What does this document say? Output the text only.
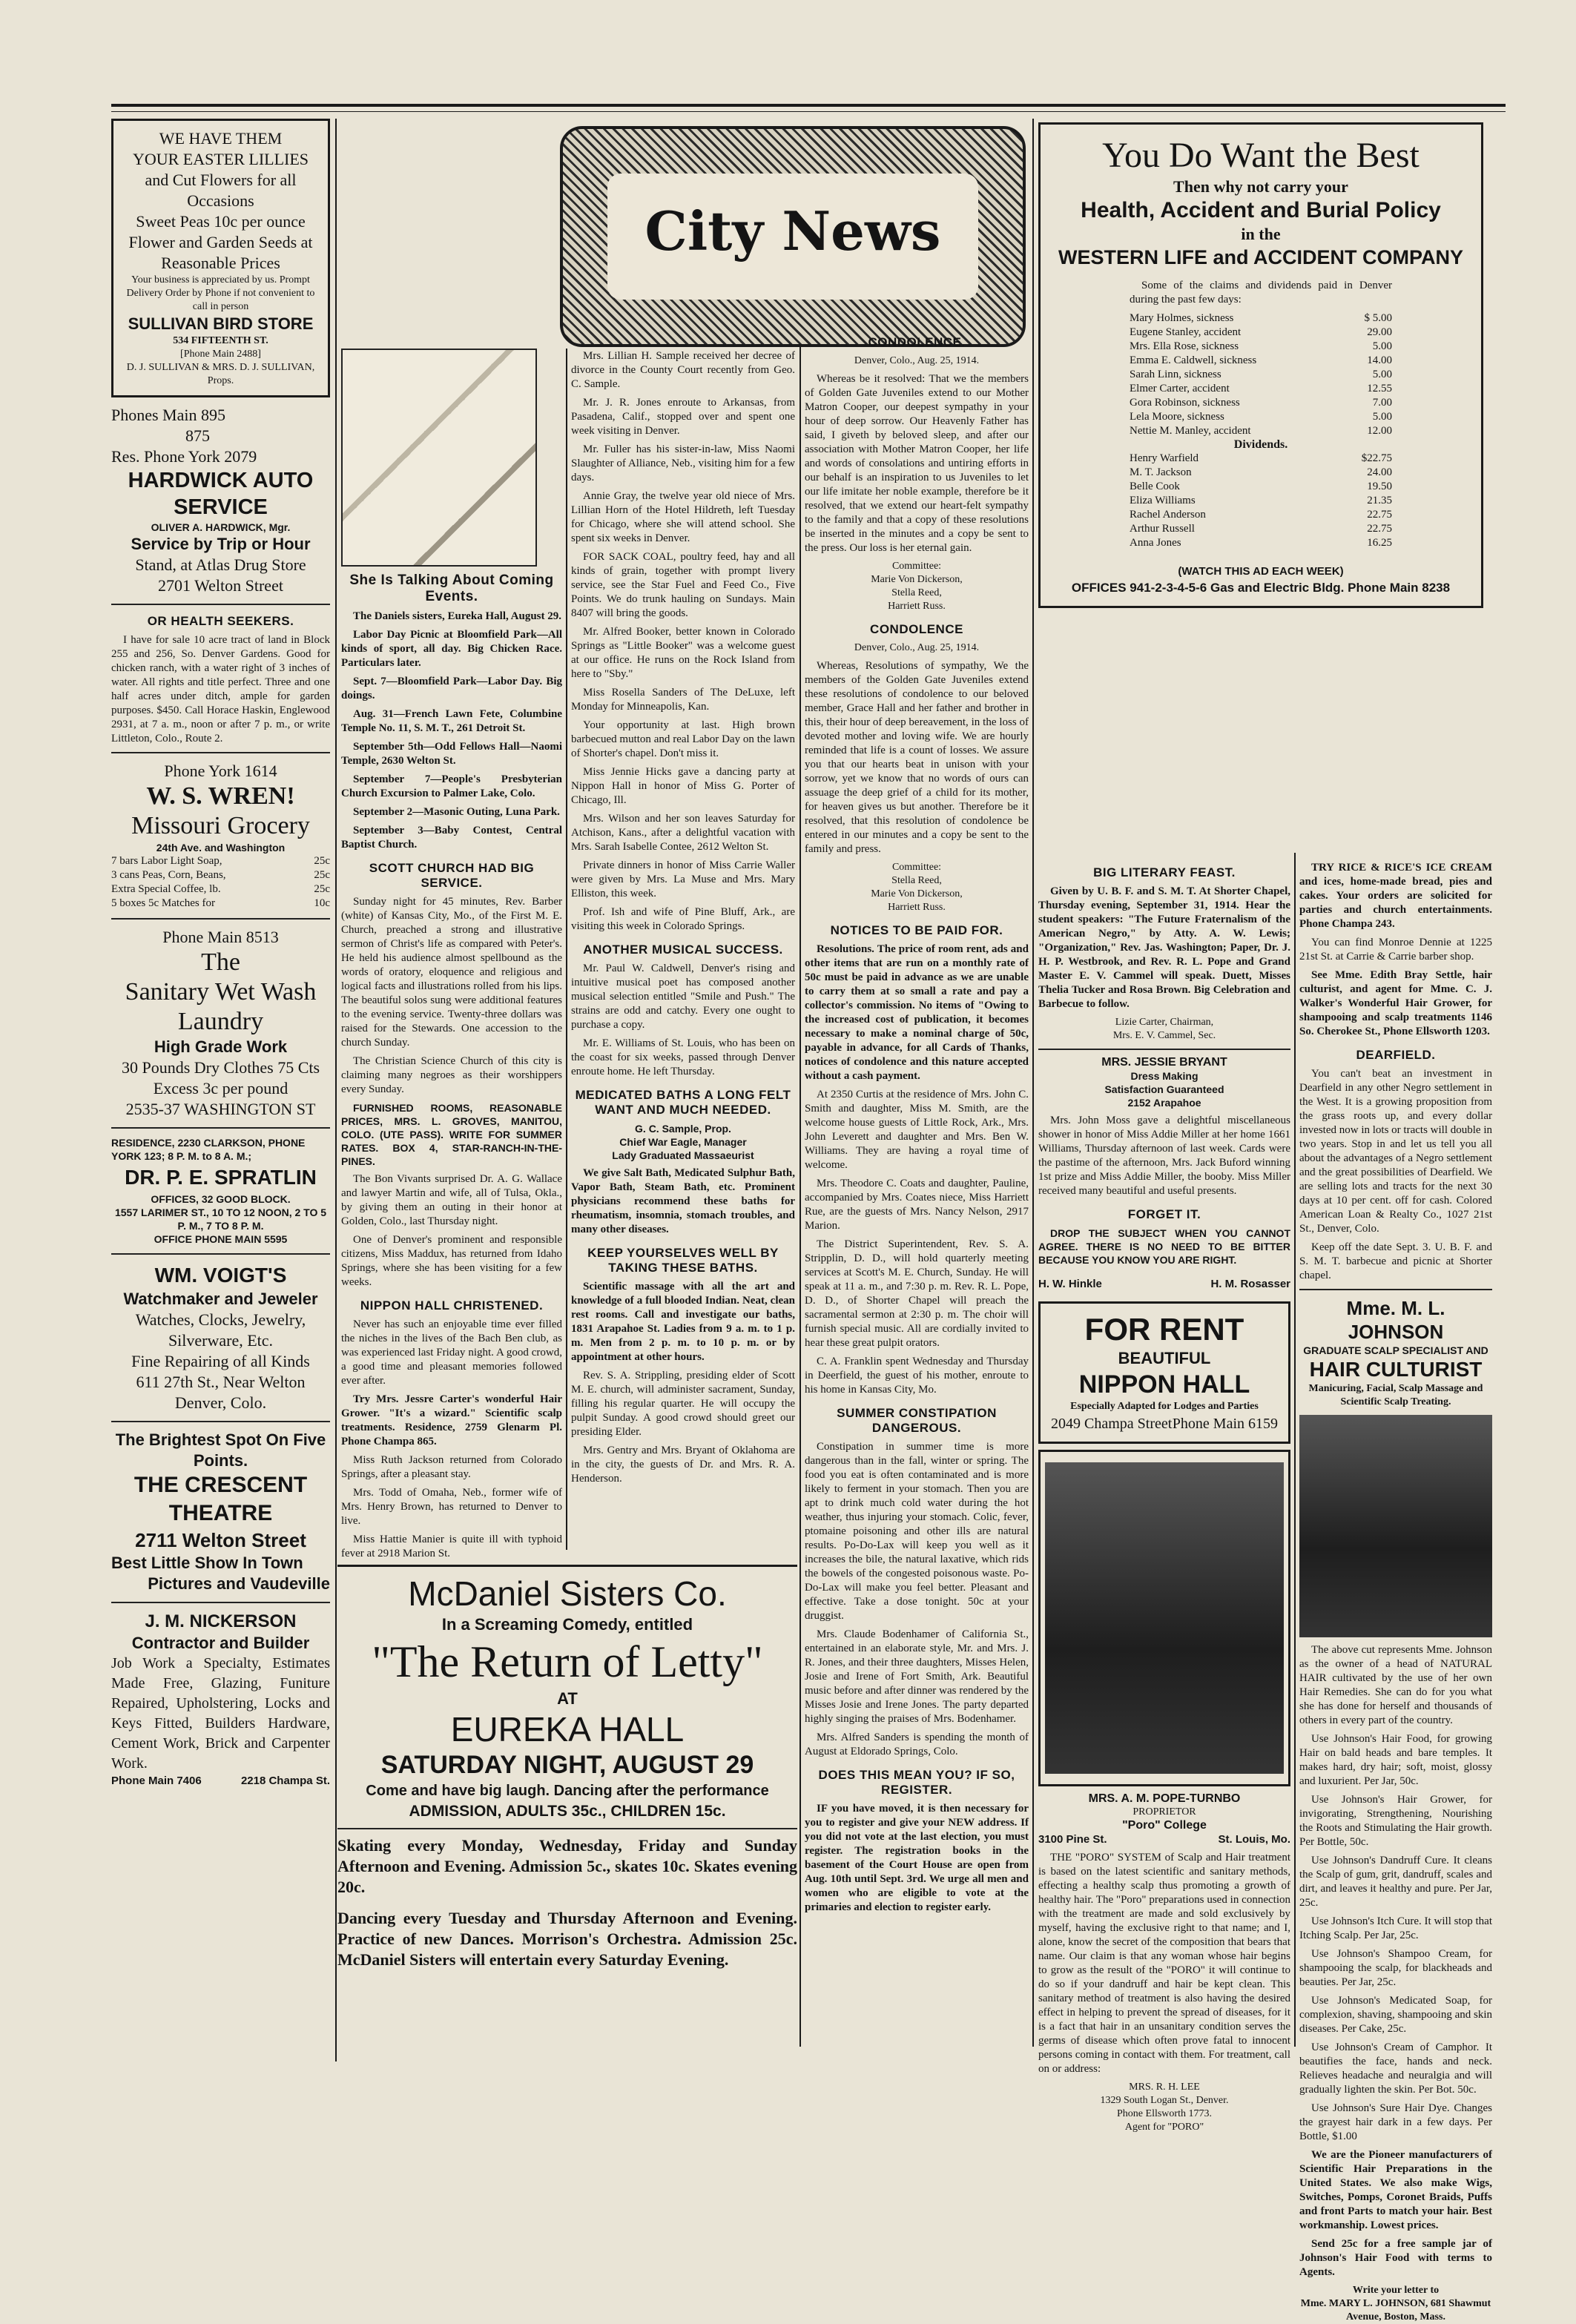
WE HAVE THEM
YOUR EASTER LILLIES
and Cut Flowers for all Occasions
Sweet Peas 10c per ounce
Flower and Garden Seeds at Reasonable Prices
Your business is appreciated by us. Prompt Delivery Order by Phone if not convenient to call in person
SULLIVAN BIRD STORE
534 FIFTEENTH ST.
[Phone Main 2488]
D. J. SULLIVAN & MRS. D. J. SULLIVAN, Props.
Phones Main 895
875
Res. Phone York 2079
HARDWICK AUTO SERVICE
OLIVER A. HARDWICK, Mgr.
Service by Trip or Hour
Stand, at Atlas Drug Store
2701 Welton Street
OR HEALTH SEEKERS.
I have for sale 10 acre tract of land in Block 255 and 256, So. Denver Gardens. Good for chicken ranch, with a water right of 3 inches of water. All rights and title perfect. Three and one half acres under ditch, ample for garden purposes. $450. Call Horace Haskin, Englewood 2931, at 7 a. m., noon or after 7 p. m., or write Littleton, Colo., Route 2.
Phone York 1614
W. S. WREN!
Missouri Grocery
24th Ave. and Washington
7 bars Labor Light Soap,	25c
3 cans Peas, Corn, Beans,	25c
Extra Special Coffee, lb.	25c
5 boxes 5c Matches for	10c
Phone Main 8513
The
Sanitary Wet Wash
Laundry
High Grade Work
30 Pounds Dry Clothes 75 Cts
Excess 3c per pound
2535-37 WASHINGTON ST
RESIDENCE, 2230 CLARKSON, PHONE YORK 123; 8 P. M. to 8 A. M.;
DR. P. E. SPRATLIN
OFFICES, 32 GOOD BLOCK.
1557 LARIMER ST., 10 TO 12 NOON, 2 TO 5 P. M., 7 TO 8 P. M.
OFFICE PHONE MAIN 5595
WM. VOIGT'S
Watchmaker and Jeweler
Watches, Clocks, Jewelry, Silverware, Etc.
Fine Repairing of all Kinds
611 27th St., Near Welton
Denver, Colo.
The Brightest Spot On Five Points.
THE CRESCENT THEATRE
2711 Welton Street
Best Little Show In Town
Pictures and Vaudeville
J. M. NICKERSON
Contractor and Builder
Job Work a Specialty, Estimates Made Free, Glazing, Funiture Repaired, Upholstering, Locks and Keys Fitted, Builders Hardware, Cement Work, Brick and Carpenter Work.
Phone Main 7406	2218 Champa St.
City News
She Is Talking About Coming Events.
The Daniels sisters, Eureka Hall, August 29.
Labor Day Picnic at Bloomfield Park—All kinds of sport, all day. Big Chicken Race. Particulars later.
Sept. 7—Bloomfield Park—Labor Day. Big doings.
Aug. 31—French Lawn Fete, Columbine Temple No. 11, S. M. T., 261 Detroit St.
September 5th—Odd Fellows Hall—Naomi Temple, 2630 Welton St.
September 7—People's Presbyterian Church Excursion to Palmer Lake, Colo.
September 2—Masonic Outing, Luna Park.
September 3—Baby Contest, Central Baptist Church.
SCOTT CHURCH HAD BIG SERVICE.
Sunday night for 45 minutes, Rev. Barber (white) of Kansas City, Mo., of the First M. E. Church, preached a strong and illustrative sermon of Christ's life as compared with Peter's. He held his audience almost spellbound as the words of oratory, eloquence and religious and logical facts and illustrations rolled from his lips. The beautiful solos sung were additional features to the evening service. Twenty-three dollars was raised for the Stewards. One accession to the church Sunday.
The Christian Science Church of this city is claiming many negroes as their worshippers every Sunday.
FURNISHED ROOMS, REASONABLE PRICES, MRS. L. GROVES, MANITOU, COLO. (UTE PASS). WRITE FOR SUMMER RATES. BOX 4, STAR-RANCH-IN-THE-PINES.
The Bon Vivants surprised Dr. A. G. Wallace and lawyer Martin and wife, all of Tulsa, Okla., by giving them an outing in their honor at Golden, Colo., last Thursday night.
One of Denver's prominent and responsible citizens, Miss Maddux, has returned from Idaho Springs, where she has been visiting for a few weeks.
NIPPON HALL CHRISTENED.
Never has such an enjoyable time ever filled the niches in the lives of the Bach Ben club, as was experienced last Friday night. A good crowd, a good time and pleasant memories followed ever after.
Try Mrs. Jessre Carter's wonderful Hair Grower. "It's a wizard." Scientific scalp treatments. Residence, 2759 Glenarm Pl. Phone Champa 865.
Miss Ruth Jackson returned from Colorado Springs, after a pleasant stay.
Mrs. Todd of Omaha, Neb., former wife of Mrs. Henry Brown, has returned to Denver to live.
Miss Hattie Manier is quite ill with typhoid fever at 2918 Marion St.
Mrs. Lillian H. Sample received her decree of divorce in the County Court recently from Geo. C. Sample.
Mr. J. R. Jones enroute to Arkansas, from Pasadena, Calif., stopped over and spent one week visiting in Denver.
Mr. Fuller has his sister-in-law, Miss Naomi Slaughter of Alliance, Neb., visiting him for a few days.
Annie Gray, the twelve year old niece of Mrs. Lillian Horn of the Hotel Hildreth, left Tuesday for Chicago, where she will attend school. She spent six weeks in Denver.
FOR SACK COAL, poultry feed, hay and all kinds of grain, together with prompt livery service, see the Star Fuel and Feed Co., Five Points. We do trunk hauling on Sundays. Main 8407 will bring the goods.
Mr. Alfred Booker, better known in Colorado Springs as "Little Booker" was a welcome guest at our office. He runs on the Rock Island from here to "Sby."
Miss Rosella Sanders of The DeLuxe, left Monday for Minneapolis, Kan.
Your opportunity at last. High brown barbecued mutton and real Labor Day on the lawn of Shorter's chapel. Don't miss it.
Miss Jennie Hicks gave a dancing party at Nippon Hall in honor of Miss G. Porter of Chicago, Ill.
Mrs. Wilson and her son leaves Saturday for Atchison, Kans., after a delightful vacation with Mrs. Sarah Isabelle Contee, 2612 Welton St.
Private dinners in honor of Miss Carrie Waller were given by Mrs. La Muse and Mrs. Mary Elliston, this week.
Prof. Ish and wife of Pine Bluff, Ark., are visiting this week in Colorado Springs.
ANOTHER MUSICAL SUCCESS.
Mr. Paul W. Caldwell, Denver's rising and intuitive musical poet has composed another musical selection entitled "Smile and Push." The strains are odd and catchy. Every one ought to purchase a copy.
Mr. E. Williams of St. Louis, who has been on the coast for six weeks, passed through Denver enroute home. He left Thursday.
MEDICATED BATHS A LONG FELT WANT AND MUCH NEEDED.
G. C. Sample, Prop.
Chief War Eagle, Manager
Lady Graduated Massaeurist
We give Salt Bath, Medicated Sulphur Bath, Vapor Bath, Steam Bath, etc. Prominent physicians recommend these baths for rheumatism, insomnia, stomach troubles, and many other diseases.
KEEP YOURSELVES WELL BY TAKING THESE BATHS.
Scientific massage with all the art and knowledge of a full blooded Indian. Neat, clean rest rooms. Call and investigate our baths, 1831 Arapahoe St. Ladies from 9 a. m. to 1 p. m. Men from 2 p. m. to 10 p. m. or by appointment at other hours.
Rev. S. A. Strippling, presiding elder of Scott M. E. church, will administer sacrament, Sunday, filling his regular quarter. He will occupy the pulpit Sunday. A good crowd should greet our presiding Elder.
Mrs. Gentry and Mrs. Bryant of Oklahoma are in the city, the guests of Dr. and Mrs. R. A. Henderson.
CONDOLENCE.
Denver, Colo., Aug. 25, 1914.
Whereas be it resolved: That we the members of Golden Gate Juveniles extend to our Mother Matron Cooper, our deepest sympathy in your hour of deep sorrow. Our Heavenly Father has said, I giveth by beloved sleep, and after our association with Mother Matron Cooper, her life and words of consolations and untiring efforts in our behalf is an inspiration to us Juveniles to let our life imitate her noble example, therefore be it resolved, that we extend our heart-felt sympathy to the family and that a copy of these resolutions be inserted in the minutes and a copy be sent to the press. Our loss is her eternal gain.
Committee:
Marie Von Dickerson,
Stella Reed,
Harriett Russ.
CONDOLENCE
Denver, Colo., Aug. 25, 1914.
Whereas, Resolutions of sympathy, We the members of the Golden Gate Juveniles extend these resolutions of condolence to our beloved member, Grace Hall and her father and brother in this, their hour of deep bereavement, in the loss of devoted mother and loving wife. We are hourly reminded that life is a count of losses. We assure you that our hearts beat in unison with your sorrow, yet we know that no words of ours can assuage the deep grief of a child for its mother, for heaven gives us but another. Therefore be it resolved, that this resolution of condolence be entered in our minutes and a copy be sent to the family and press.
Committee:
Stella Reed,
Marie Von Dickerson,
Harriett Russ.
NOTICES TO BE PAID FOR.
Resolutions. The price of room rent, ads and other items that are run on a monthly rate of 50c must be paid in advance as we are unable to carry them at so small a rate and pay a collector's commission. No items of "Owing to the increased cost of publication, it becomes necessary to make a nominal charge of 50c, payable in advance, for all Cards of Thanks, notices of condolence and this nature accepted without a cash payment.
At 2350 Curtis at the residence of Mrs. John C. Smith and daughter, Miss M. Smith, are the welcome house guests of Little Rock, Ark., Mrs. John Leverett and daughter and Mrs. Ben W. Williams. They are having a royal time of welcome.
Mrs. Theodore C. Coats and daughter, Pauline, accompanied by Mrs. Coates niece, Miss Harriett Rue, are the guests of Mrs. Nancy Nelson, 2917 Marion.
The District Superintendent, Rev. S. A. Stripplin, D. D., will hold quarterly meeting services at Scott's M. E. Church, Sunday. He will speak at 11 a. m., and 7:30 p. m. Rev. R. L. Pope, D. D., of Shorter Chapel will preach the sacramental sermon at 2:30 p. m. The choir will furnish special music. All are cordially invited to hear these great pulpit orators.
C. A. Franklin spent Wednesday and Thursday in Deerfield, the guest of his mother, enroute to his home in Kansas City, Mo.
SUMMER CONSTIPATION DANGEROUS.
Constipation in summer time is more dangerous than in the fall, winter or spring. The food you eat is often contaminated and is more likely to ferment in your stomach. Then you are apt to drink much cold water during the hot weather, thus injuring your stomach. Colic, fever, ptomaine poisoning and other ills are natural results. Po-Do-Lax will keep you well as it increases the bile, the natural laxative, which rids the bowels of the congested poisonous waste. Po-Do-Lax will make you feel better. Pleasant and effective. Take a dose tonight. 50c at your druggist.
Mrs. Claude Bodenhamer of California St., entertained in an elaborate style, Mr. and Mrs. J. R. Jones, and their three daughters, Misses Helen, Josie and Irene of Fort Smith, Ark. Beautiful music before and after dinner was rendered by the Misses Josie and Irene Jones. The party departed highly singing the praises of Mrs. Bodenhamer.
Mrs. Alfred Sanders is spending the month of August at Eldorado Springs, Colo.
DOES THIS MEAN YOU? IF SO, REGISTER.
IF you have moved, it is then necessary for you to register and give your NEW address. If you did not vote at the last election, you must register. The registration books in the basement of the Court House are open from Aug. 10th until Sept. 3rd. We urge all men and women who are eligible to vote at the primaries and election to register early.
You Do Want the Best
Then why not carry your
Health, Accident and Burial Policy
in the
WESTERN LIFE and ACCIDENT COMPANY
Some of the claims and dividends paid in Denver during the past few days:
Mary Holmes, sickness	$ 5.00
Eugene Stanley, accident	29.00
Mrs. Ella Rose, sickness	5.00
Emma E. Caldwell, sickness	14.00
Sarah Linn, sickness	5.00
Elmer Carter, accident	12.55
Gora Robinson, sickness	7.00
Lela Moore, sickness	5.00
Nettie M. Manley, accident	12.00
Dividends.
Henry Warfield	$22.75
M. T. Jackson	24.00
Belle Cook	19.50
Eliza Williams	21.35
Rachel Anderson	22.75
Arthur Russell	22.75
Anna Jones	16.25
(WATCH THIS AD EACH WEEK)
OFFICES 941-2-3-4-5-6 Gas and Electric Bldg. Phone Main 8238
BIG LITERARY FEAST.
Given by U. B. F. and S. M. T. At Shorter Chapel, Thursday evening, September 31, 1914. Hear the student speakers: "The Future Fraternalism of the American Negro," by Atty. A. W. Lewis; "Organization," Rev. Jas. Washington; Paper, Dr. J. H. P. Westbrook, and Rev. R. L. Pope and Grand Master E. V. Cammel will speak. Duett, Misses Thelia Tucker and Rosa Brown. Big Celebration and Barbecue to follow.
Lizie Carter, Chairman,
Mrs. E. V. Cammel, Sec.
MRS. JESSIE BRYANT
Dress Making
Satisfaction Guaranteed
2152 Arapahoe
Mrs. John Moss gave a delightful miscellaneous shower in honor of Miss Addie Miller at her home 1661 Williams, Thursday afternoon of last week. Cards were the pastime of the afternoon, Mrs. Jack Buford winning 1st prize and Miss Addie Miller, the booby. Miss Miller received many beautiful and useful presents.
FORGET IT.
DROP THE SUBJECT WHEN YOU CANNOT AGREE. THERE IS NO NEED TO BE BITTER BECAUSE YOU KNOW YOU ARE RIGHT.
H. W. Hinkle	H. M. Rosasser
FOR RENT
BEAUTIFUL
NIPPON HALL
Especially Adapted for Lodges and Parties
2049 Champa Street Phone Main 6159
MRS. A. M. POPE-TURNBO
PROPRIETOR
"Poro" College
3100 Pine St.	St. Louis, Mo.
THE "PORO" SYSTEM of Scalp and Hair treatment is based on the latest scientific and sanitary methods, effecting a healthy scalp thus promoting a growth of healthy hair. The "Poro" preparations used in connection with the treatment are made and sold exclusively by myself, having the exclusive right to that name; and I, alone, know the secret of the composition that bears that name. Our claim is that any woman whose hair begins to grow as the result of the "PORO" it will continue to do so if your dandruff and hair be kept clean. This sanitary method of treatment is also having the desired effect in helping to prevent the spread of diseases, for it is a fact that hair in an unsanitary condition serves the germs of disease which often prove fatal to innocent persons coming in contact with them. For treatment, call on or address:
MRS. R. H. LEE
1329 South Logan St., Denver.
Phone Ellsworth 1773.
Agent for "PORO"
TRY RICE & RICE'S ICE CREAM and ices, home-made bread, pies and cakes. Your orders are solicited for parties and church entertainments. Phone Champa 243.
You can find Monroe Dennie at 1225 21st St. at Carrie & Carrie barber shop.
See Mme. Edith Bray Settle, hair culturist, and agent for Mme. C. J. Walker's Wonderful Hair Grower, for shampooing and scalp treatments 1146 So. Cherokee St., Phone Ellsworth 1203.
DEARFIELD.
You can't beat an investment in Dearfield in any other Negro settlement in the West. It is a growing proposition from the grass roots up, and every dollar invested now in lots or tracts will double in two years. Stop in and let us tell you all about the advantages of a Negro settlement and the great possibilities of Dearfield. We are selling lots and tracts for the next 30 days at 10 per cent. off for cash. Colored American Loan & Realty Co., 1027 21st St., Denver, Colo.
Keep off the date Sept. 3. U. B. F. and S. M. T. barbecue and picnic at Shorter chapel.
Mme. M. L. JOHNSON
GRADUATE SCALP SPECIALIST AND
HAIR CULTURIST
Manicuring, Facial, Scalp Massage and Scientific Scalp Treating.
The above cut represents Mme. Johnson as the owner of a head of NATURAL HAIR cultivated by the use of her own Hair Remedies. She can do for you what she has done for herself and thousands of others in every part of the country.
Use Johnson's Hair Food, for growing Hair on bald heads and bare temples. It makes hard, dry hair; soft, moist, glossy and luxurient. Per Jar, 50c.
Use Johnson's Hair Grower, for invigorating, Strengthening, Nourishing the Roots and Stimulating the Hair growth. Per Bottle, 50c.
Use Johnson's Dandruff Cure. It cleans the Scalp of gum, grit, dandruff, scales and dirt, and leaves it healthy and pure. Per Jar, 25c.
Use Johnson's Itch Cure. It will stop that Itching Scalp. Per Jar, 25c.
Use Johnson's Shampoo Cream, for shampooing the scalp, for blackheads and beauties. Per Jar, 25c.
Use Johnson's Medicated Soap, for complexion, shaving, shampooing and skin diseases. Per Cake, 25c.
Use Johnson's Cream of Camphor. It beautifies the face, hands and neck. Relieves headache and neuralgia and will gradually lighten the skin. Per Bot. 50c.
Use Johnson's Sure Hair Dye. Changes the grayest hair dark in a few days. Per Bottle, $1.00
We are the Pioneer manufacturers of Scientific Hair Preparations in the United States. We also make Wigs, Switches, Pomps, Coronet Braids, Puffs and front Parts to match your hair. Best workmanship. Lowest prices.
Send 25c for a free sample jar of Johnson's Hair Food with terms to Agents.
Write your letter to
Mme. MARY L. JOHNSON, 681 Shawmut Avenue, Boston, Mass.
McDaniel Sisters Co.
In a Screaming Comedy, entitled
"The Return of Letty"
AT
EUREKA HALL
SATURDAY NIGHT, AUGUST 29
Come and have big laugh. Dancing after the performance
ADMISSION, ADULTS 35c., CHILDREN 15c.
Skating every Monday, Wednesday, Friday and Sunday Afternoon and Evening. Admission 5c., skates 10c. Skates evening 20c.
Dancing every Tuesday and Thursday Afternoon and Evening. Practice of new Dances. Morrison's Orchestra. Admission 25c. McDaniel Sisters will entertain every Saturday Evening.
